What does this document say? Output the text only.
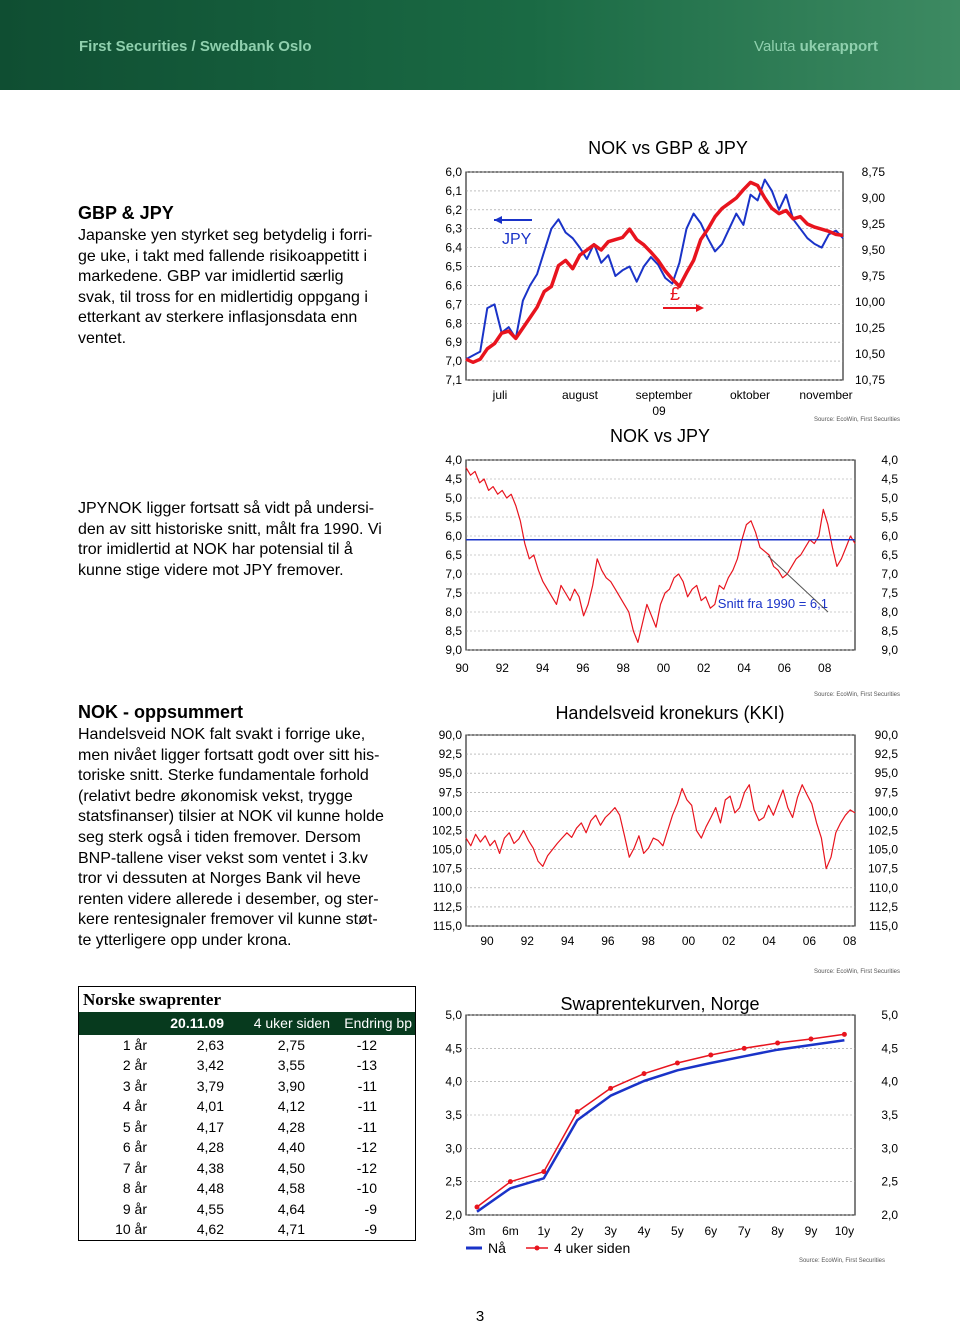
First Securities / Swedbank Oslo	Valuta ukerapport
GBP & JPY
Japanske yen styrket seg betydelig i forri-
ge uke, i takt med fallende risikoappetitt i
markedene. GBP var imidlertid særlig
svak, til tross for en midlertidig oppgang i
etterkant av sterkere inflasjonsdata enn
ventet.
JPYNOK ligger fortsatt så vidt på undersi-
den av sitt historiske snitt, målt fra 1990. Vi
tror imidlertid at NOK har potensial til å
kunne stige videre mot JPY fremover.
NOK - oppsummert
Handelsveid NOK falt svakt i forrige uke,
men nivået ligger fortsatt godt over sitt his-
toriske snitt. Sterke fundamentale forhold
(relativt bedre økonomisk vekst, trygge
statsfinanser) tilsier at NOK vil kunne holde
seg sterk også i tiden fremover. Dersom
BNP-tallene viser vekst som ventet i 3.kv
tror vi dessuten at Norges Bank vil heve
renten videre allerede i desember, og ster-
kere rentesignaler fremover vil kunne støt-
te ytterligere opp under krona.
Norske swaprenter			
	20.11.09	4 uker siden	Endring bp
1 år	2,63	2,75	-12
2 år	3,42	3,55	-13
3 år	3,79	3,90	-11
4 år	4,01	4,12	-11
5 år	4,17	4,28	-11
6 år	4,28	4,40	-12
7 år	4,38	4,50	-12
8 år	4,48	4,58	-10
9 år	4,55	4,64	-9
10 år	4,62	4,71	-9
NOK vs GBP & JPY
6,0
6,1
6,2
6,3
6,4
6,5
6,6
6,7
6,8
6,9
7,0
7,1
8,75
9,00
9,25
9,50
9,75
10,00
10,25
10,50
10,75
juli	august	september	oktober november
09
JPY
£
Source: EcoWin, First Securities
NOK vs JPY
4,0
4,5
5,0
5,5
6,0
6,5
7,0
7,5
8,0
8,5
9,0
4,0
4,5
5,0
5,5
6,0
6,5
7,0
7,5
8,0
8,5
9,0
90 92 94 96 98 00 02 04 06 08
Snitt fra 1990 = 6,1
Source: EcoWin, First Securities
Handelsveid kronekurs (KKI)
90,0
92,5
95,0
97,5
100,0
102,5
105,0
107,5
110,0
112,5
115,0
90,0
92,5
95,0
97,5
100,0
102,5
105,0
107,5
110,0
112,5
115,0
90 92 94 96 98 00 02 04 06 08
Source: EcoWin, First Securities
Swaprentekurven, Norge
2,0
2,5
3,0
3,5
4,0
4,5
5,0
2,0
2,5
3,0
3,5
4,0
4,5
5,0
3m 6m 1y 2y 3y 4y 5y 6y 7y 8y 9y 10y
Nå	4 uker siden
Source: EcoWin, First Securities
3
